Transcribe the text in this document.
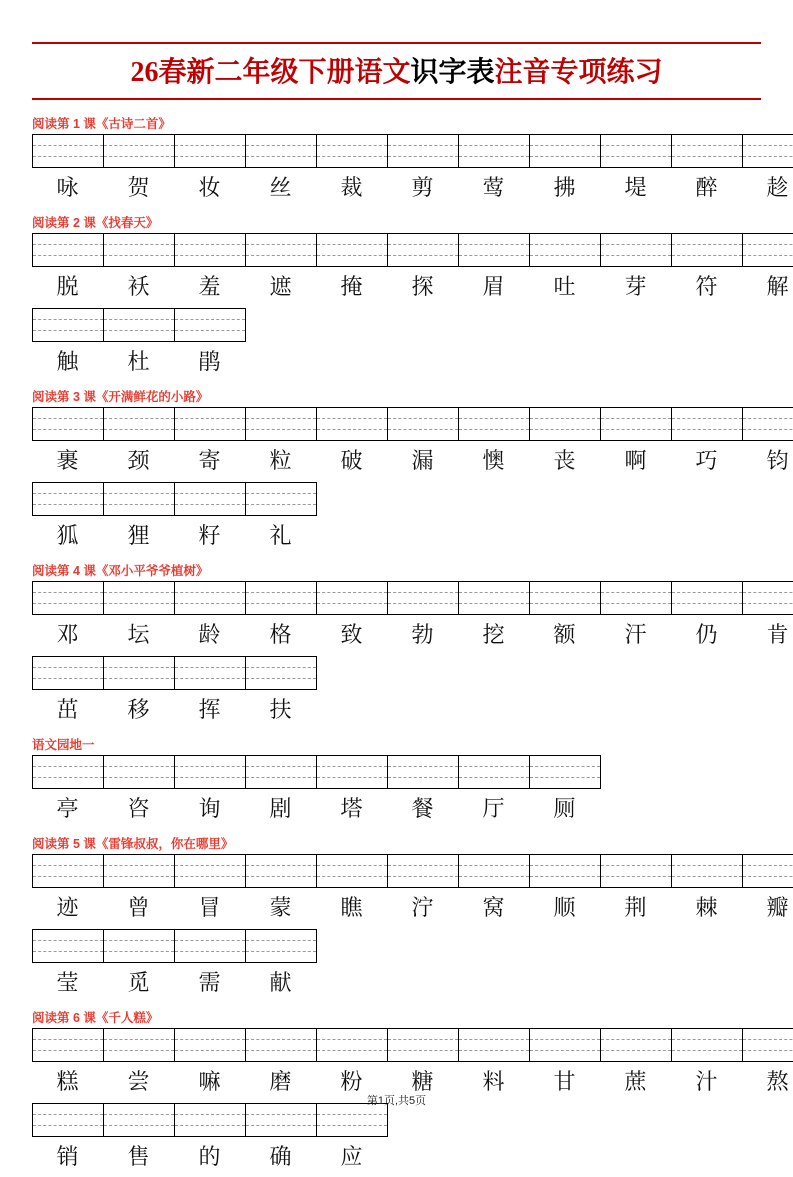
26春新二年级下册语文识字表注音专项练习
阅读第 1 课《古诗二首》
咏	贺	妆	丝	裁	剪	莺	拂	堤	醉	趁
阅读第 2 课《找春天》
脱	袄	羞	遮	掩	探	眉	吐	芽	符	解
触	杜	鹃
阅读第 3 课《开满鲜花的小路》
裹	颈	寄	粒	破	漏	懊	丧	啊	巧	钧
狐	狸	籽	礼
阅读第 4 课《邓小平爷爷植树》
邓	坛	龄	格	致	勃	挖	额	汗	仍	肯
茁	移	挥	扶
语文园地一
亭	咨	询	剧	塔	餐	厅	厕
阅读第 5 课《雷锋叔叔，你在哪里》
迹	曾	冒	蒙	瞧	泞	窝	顺	荆	棘	瓣
莹	觅	需	献
阅读第 6 课《千人糕》
糕	尝	嘛	磨	粉	糖	料	甘	蔗	汁	熬
销	售	的	确	应
第1页,共5页
